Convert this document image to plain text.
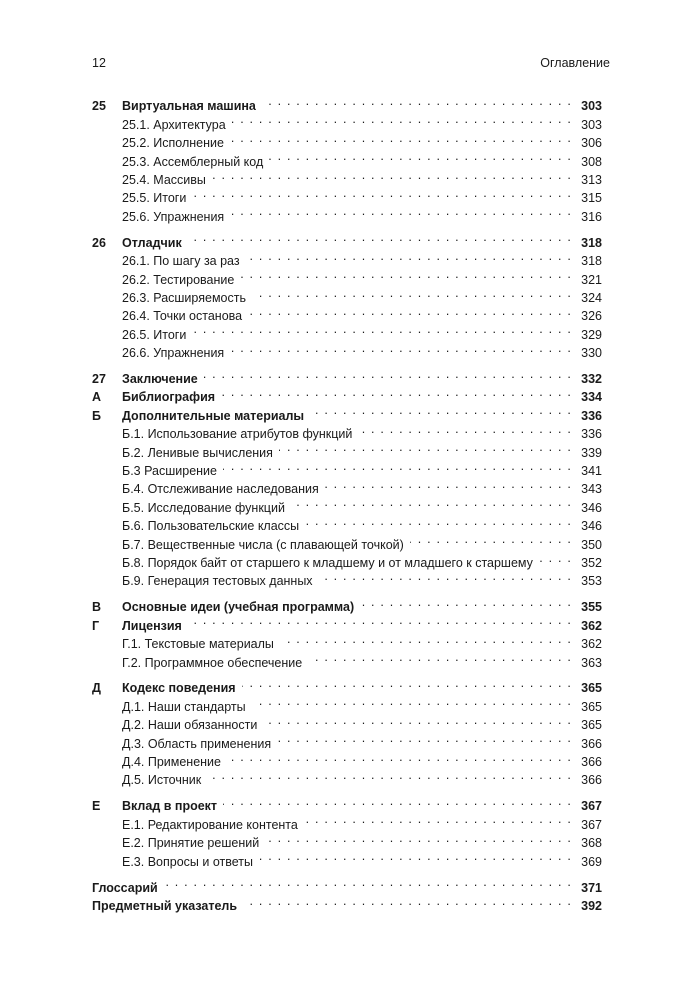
12	Оглавление
25	Виртуальная машина . . .	303
25.1. Архитектура . . .	303
25.2. Исполнение . . .	306
25.3. Ассемблерный код . . .	308
25.4. Массивы . . .	313
25.5. Итоги . . .	315
25.6. Упражнения . . .	316
26	Отладчик . . .	318
26.1. По шагу за раз . . .	318
26.2. Тестирование . . .	321
26.3. Расширяемость . . .	324
26.4. Точки останова . . .	326
26.5. Итоги . . .	329
26.6. Упражнения . . .	330
27	Заключение . . .	332
А	Библиография . . .	334
Б	Дополнительные материалы . . .	336
Б.1. Использование атрибутов функций . . .	336
Б.2. Ленивые вычисления . . .	339
Б.3 Расширение . . .	341
Б.4. Отслеживание наследования . . .	343
Б.5. Исследование функций . . .	346
Б.6. Пользовательские классы . . .	346
Б.7. Вещественные числа (с плавающей точкой) . . .	350
Б.8. Порядок байт от старшего к младшему и от младшего к старшему . . .	352
Б.9. Генерация тестовых данных . . .	353
В	Основные идеи (учебная программа) . . .	355
Г	Лицензия . . .	362
Г.1. Текстовые материалы . . .	362
Г.2. Программное обеспечение . . .	363
Д	Кодекс поведения . . .	365
Д.1. Наши стандарты . . .	365
Д.2. Наши обязанности . . .	365
Д.3. Область применения . . .	366
Д.4. Применение . . .	366
Д.5. Источник . . .	366
Е	Вклад в проект . . .	367
Е.1. Редактирование контента . . .	367
Е.2. Принятие решений . . .	368
Е.3. Вопросы и ответы . . .	369
Глоссарий . . .	371
Предметный указатель . . .	392
